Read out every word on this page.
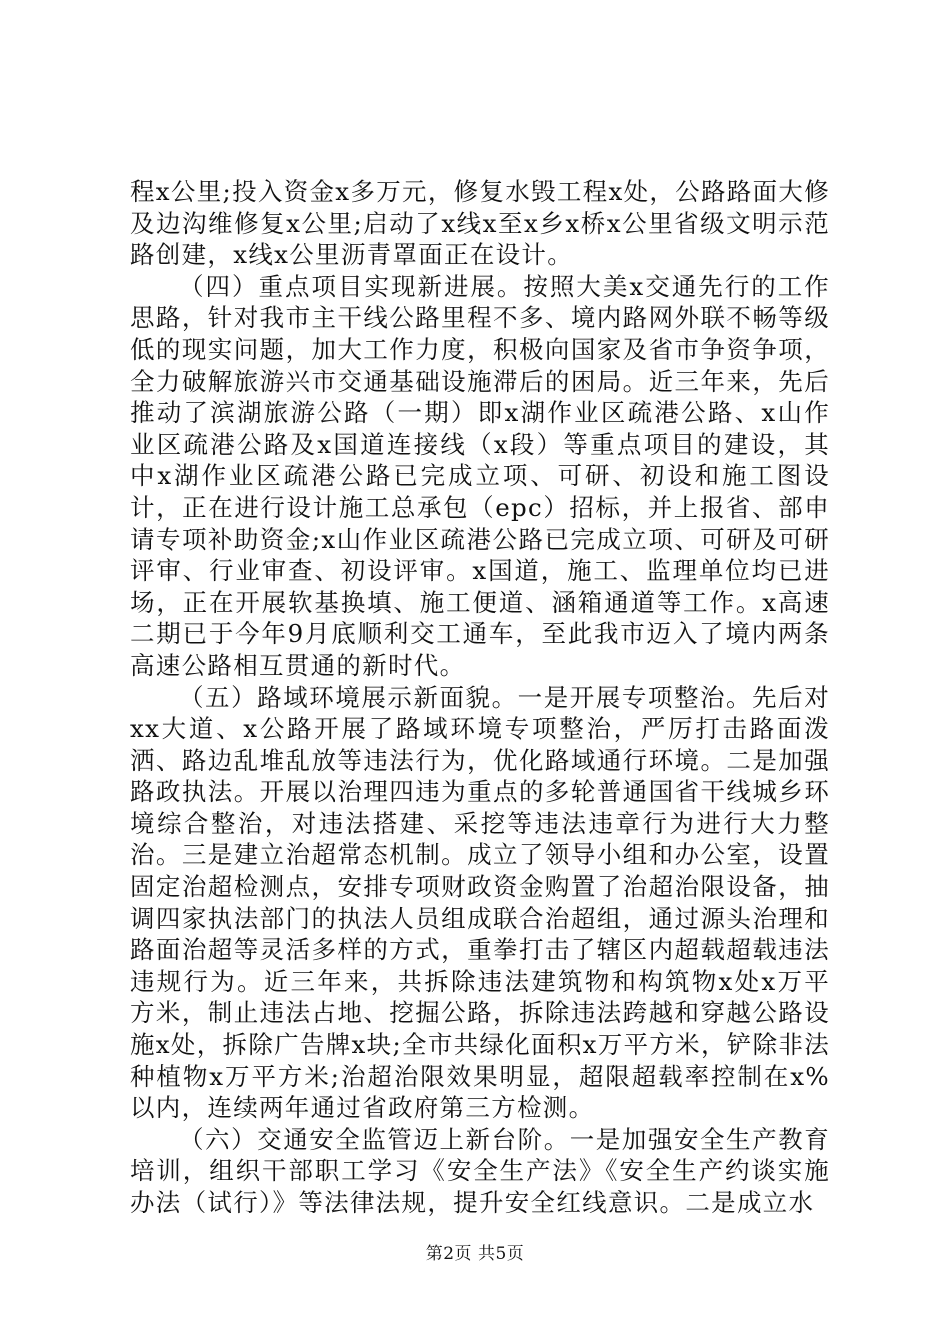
程x公里;投入资金x多万元，修复水毁工程x处，公路路面大修及边沟维修复x公里;启动了x线x至x乡x桥x公里省级文明示范路创建，x线x公里沥青罩面正在设计。

（四）重点项目实现新进展。按照大美x交通先行的工作思路，针对我市主干线公路里程不多、境内路网外联不畅等级低的现实问题，加大工作力度，积极向国家及省市争资争项，全力破解旅游兴市交通基础设施滞后的困局。近三年来，先后推动了滨湖旅游公路（一期）即x湖作业区疏港公路、x山作业区疏港公路及x国道连接线（x段）等重点项目的建设，其中x湖作业区疏港公路已完成立项、可研、初设和施工图设计，正在进行设计施工总承包（epc）招标，并上报省、部申请专项补助资金;x山作业区疏港公路已完成立项、可研及可研评审、行业审查、初设评审。x国道，施工、监理单位均已进场，正在开展软基换填、施工便道、涵箱通道等工作。x高速二期已于今年9月底顺利交工通车，至此我市迈入了境内两条高速公路相互贯通的新时代。

（五）路域环境展示新面貌。一是开展专项整治。先后对xx大道、x公路开展了路域环境专项整治，严厉打击路面泼洒、路边乱堆乱放等违法行为，优化路域通行环境。二是加强路政执法。开展以治理四违为重点的多轮普通国省干线城乡环境综合整治，对违法搭建、采挖等违法违章行为进行大力整治。三是建立治超常态机制。成立了领导小组和办公室，设置固定治超检测点，安排专项财政资金购置了治超治限设备，抽调四家执法部门的执法人员组成联合治超组，通过源头治理和路面治超等灵活多样的方式，重拳打击了辖区内超载超载违法违规行为。近三年来，共拆除违法建筑物和构筑物x处x万平方米，制止违法占地、挖掘公路，拆除违法跨越和穿越公路设施x处，拆除广告牌x块;全市共绿化面积x万平方米，铲除非法种植物x万平方米;治超治限效果明显，超限超载率控制在x%以内，连续两年通过省政府第三方检测。

（六）交通安全监管迈上新台阶。一是加强安全生产教育培训，组织干部职工学习《安全生产法》《安全生产约谈实施办法（试行）》等法律法规，提升安全红线意识。二是成立水

第2页 共5页
